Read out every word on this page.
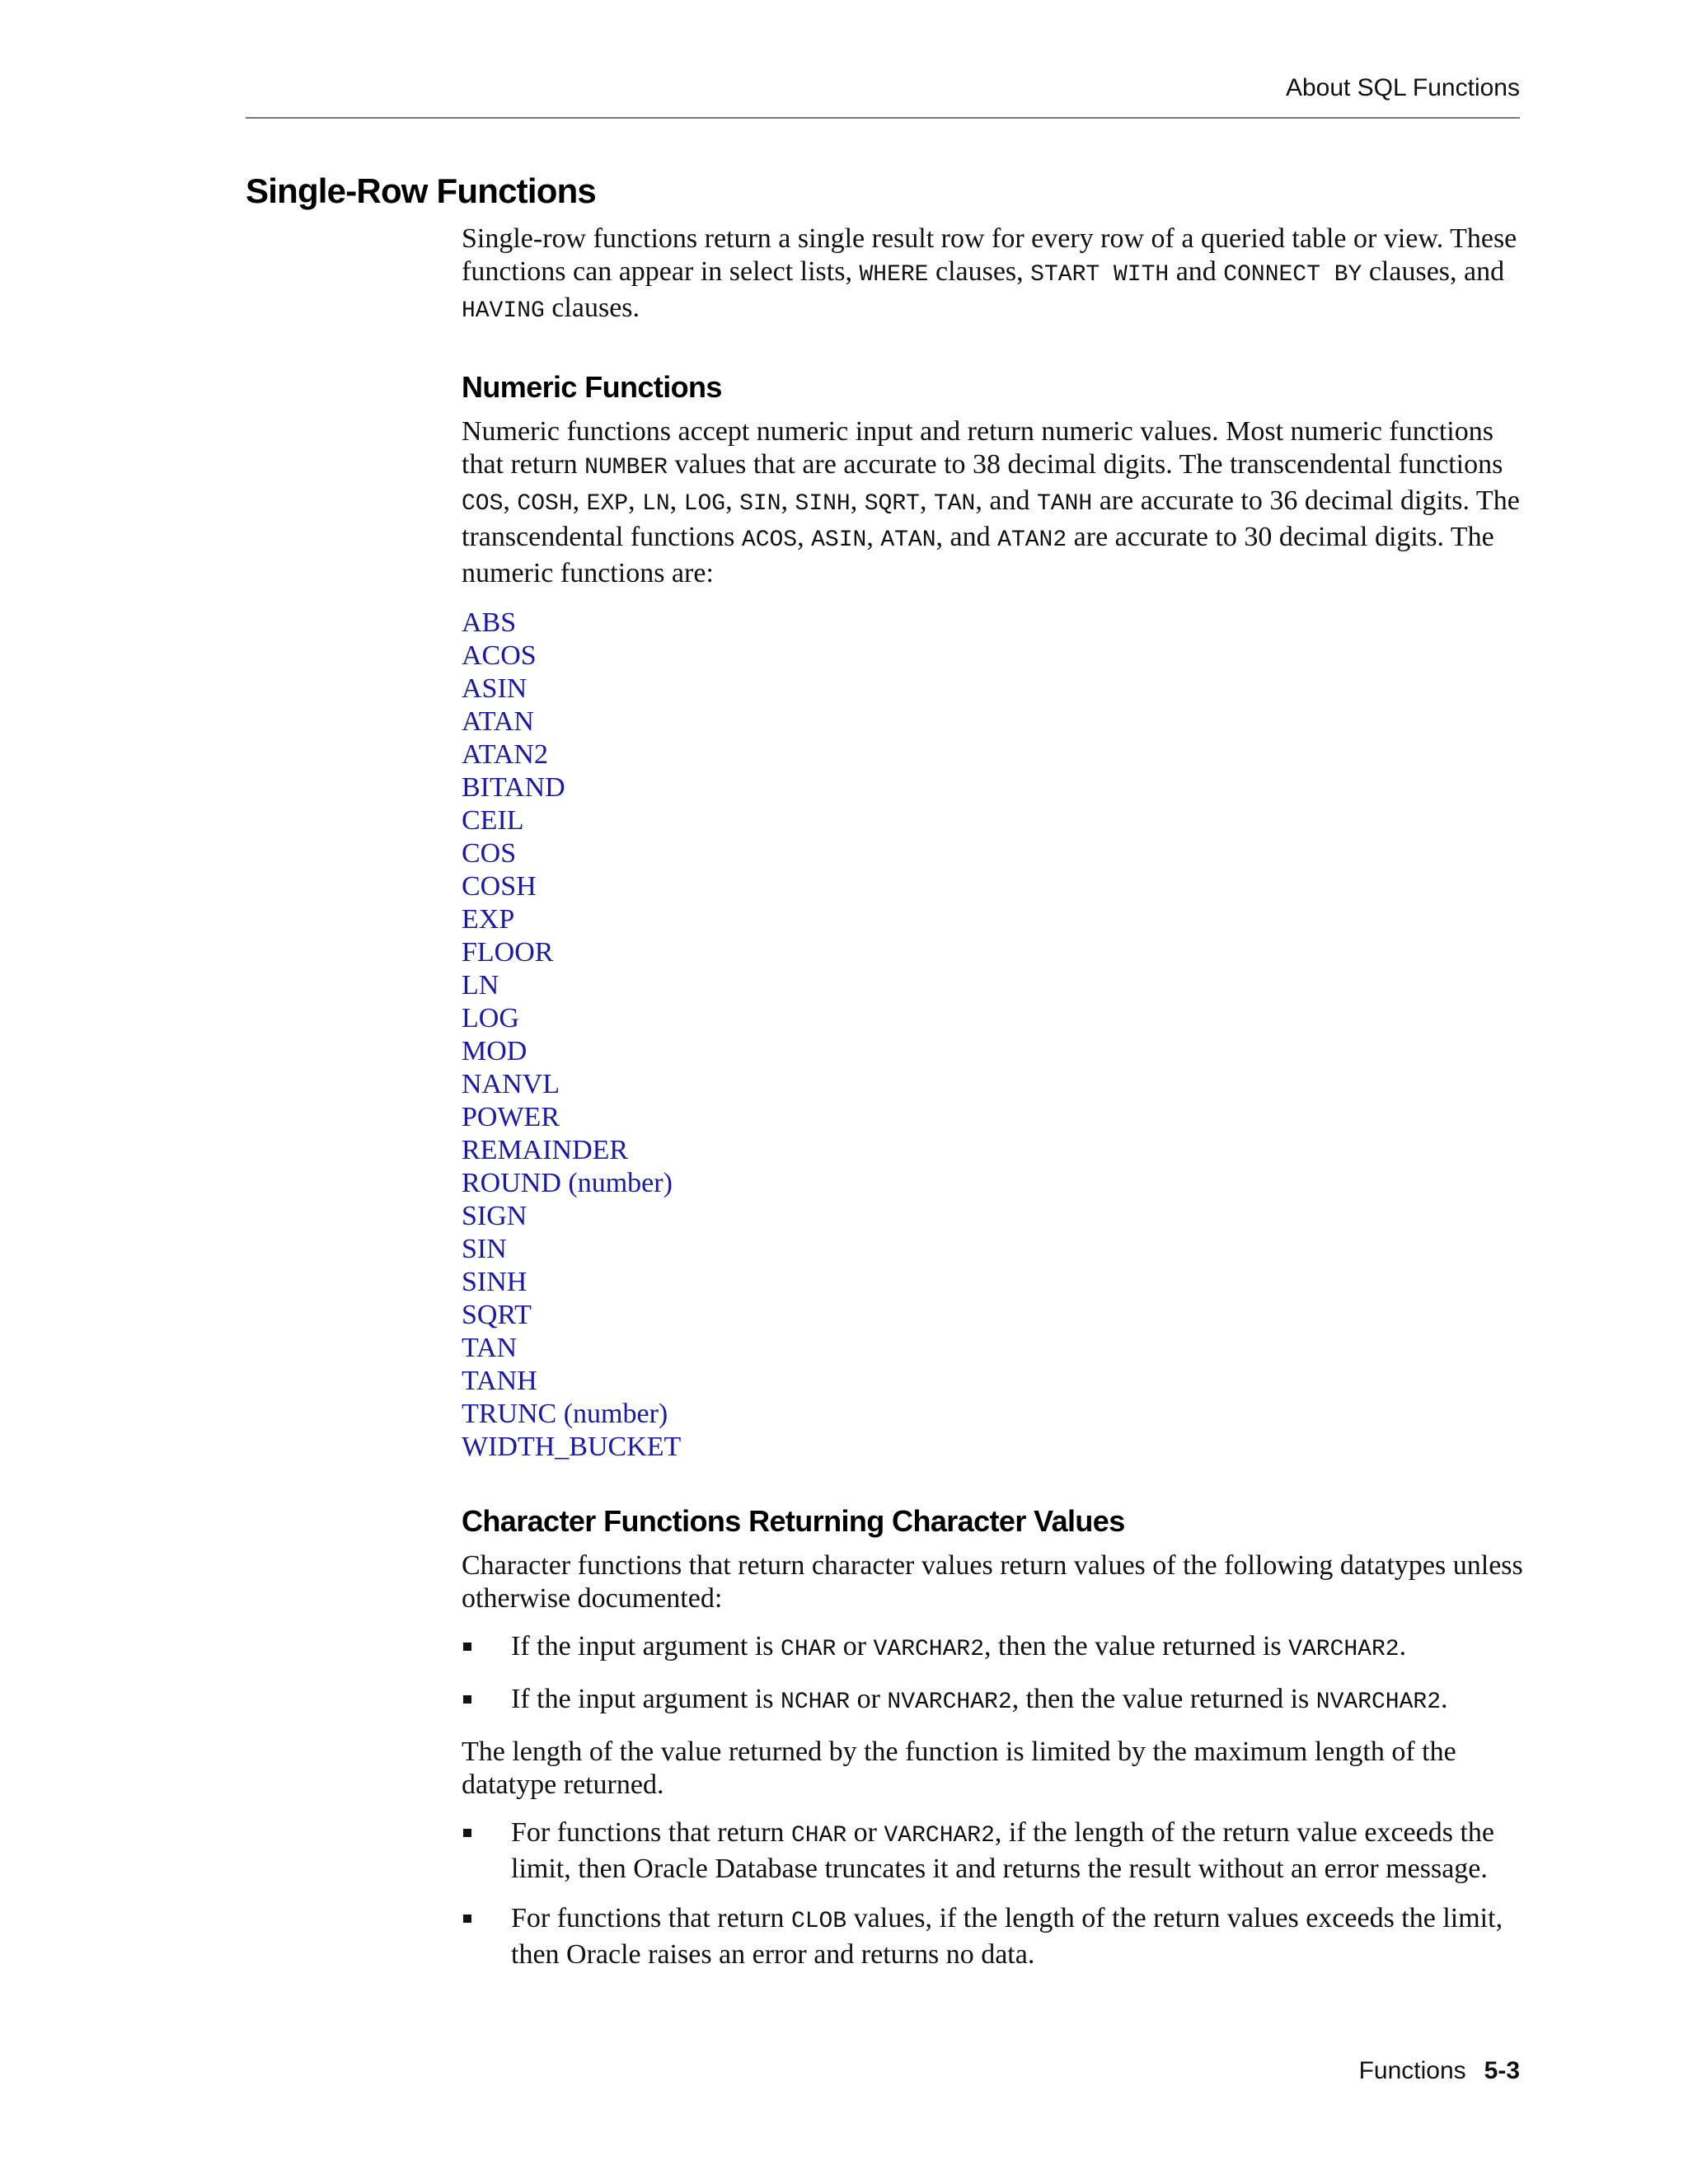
About SQL Functions
Single-Row Functions

Single-row functions return a single result row for every row of a queried table or view. These functions can appear in select lists, WHERE clauses, START WITH and CONNECT BY clauses, and HAVING clauses.

Numeric Functions

Numeric functions accept numeric input and return numeric values. Most numeric functions that return NUMBER values that are accurate to 38 decimal digits. The transcendental functions COS, COSH, EXP, LN, LOG, SIN, SINH, SQRT, TAN, and TANH are accurate to 36 decimal digits. The transcendental functions ACOS, ASIN, ATAN, and ATAN2 are accurate to 30 decimal digits. The numeric functions are:

ABS
ACOS
ASIN
ATAN
ATAN2
BITAND
CEIL
COS
COSH
EXP
FLOOR
LN
LOG
MOD
NANVL
POWER
REMAINDER
ROUND (number)
SIGN
SIN
SINH
SQRT
TAN
TANH
TRUNC (number)
WIDTH_BUCKET
Character Functions Returning Character Values

Character functions that return character values return values of the following datatypes unless otherwise documented:

If the input argument is CHAR or VARCHAR2, then the value returned is VARCHAR2.
If the input argument is NCHAR or NVARCHAR2, then the value returned is NVARCHAR2.

The length of the value returned by the function is limited by the maximum length of the datatype returned.

For functions that return CHAR or VARCHAR2, if the length of the return value exceeds the limit, then Oracle Database truncates it and returns the result without an error message.
For functions that return CLOB values, if the length of the return values exceeds the limit, then Oracle raises an error and returns no data.
Functions 5-3
